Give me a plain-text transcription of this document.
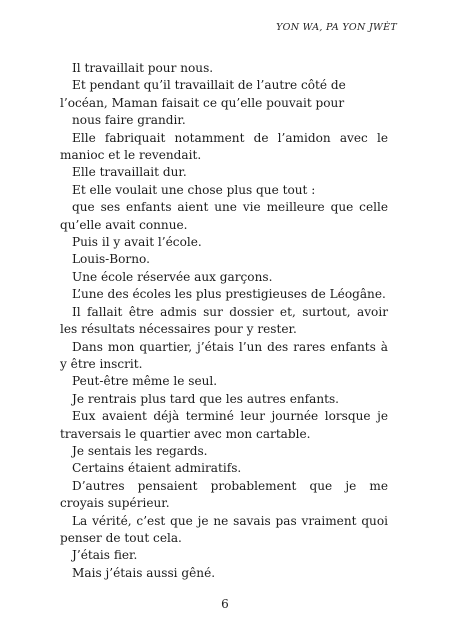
YON WA, PA YON JWÈT

Il travaillait pour nous.

Et pendant qu’il travaillait de l’autre côté de l’océan, Maman faisait ce qu’elle pouvait pour

nous faire grandir.

Elle fabriquait notamment de l’amidon avec le manioc et le revendait.

Elle travaillait dur.

Et elle voulait une chose plus que tout :

que ses enfants aient une vie meilleure que celle qu’elle avait connue.

Puis il y avait l’école.

Louis-Borno.

Une école réservée aux garçons.

L’une des écoles les plus prestigieuses de Léogâne.

Il fallait être admis sur dossier et, surtout, avoir les résultats nécessaires pour y rester.

Dans mon quartier, j’étais l’un des rares enfants à y être inscrit.

Peut-être même le seul.

Je rentrais plus tard que les autres enfants.

Eux avaient déjà terminé leur journée lorsque je traversais le quartier avec mon cartable.

Je sentais les regards.

Certains étaient admiratifs.

D’autres pensaient probablement que je me croyais supérieur.

La vérité, c’est que je ne savais pas vraiment quoi penser de tout cela.

J’étais fier.

Mais j’étais aussi gêné.

6
